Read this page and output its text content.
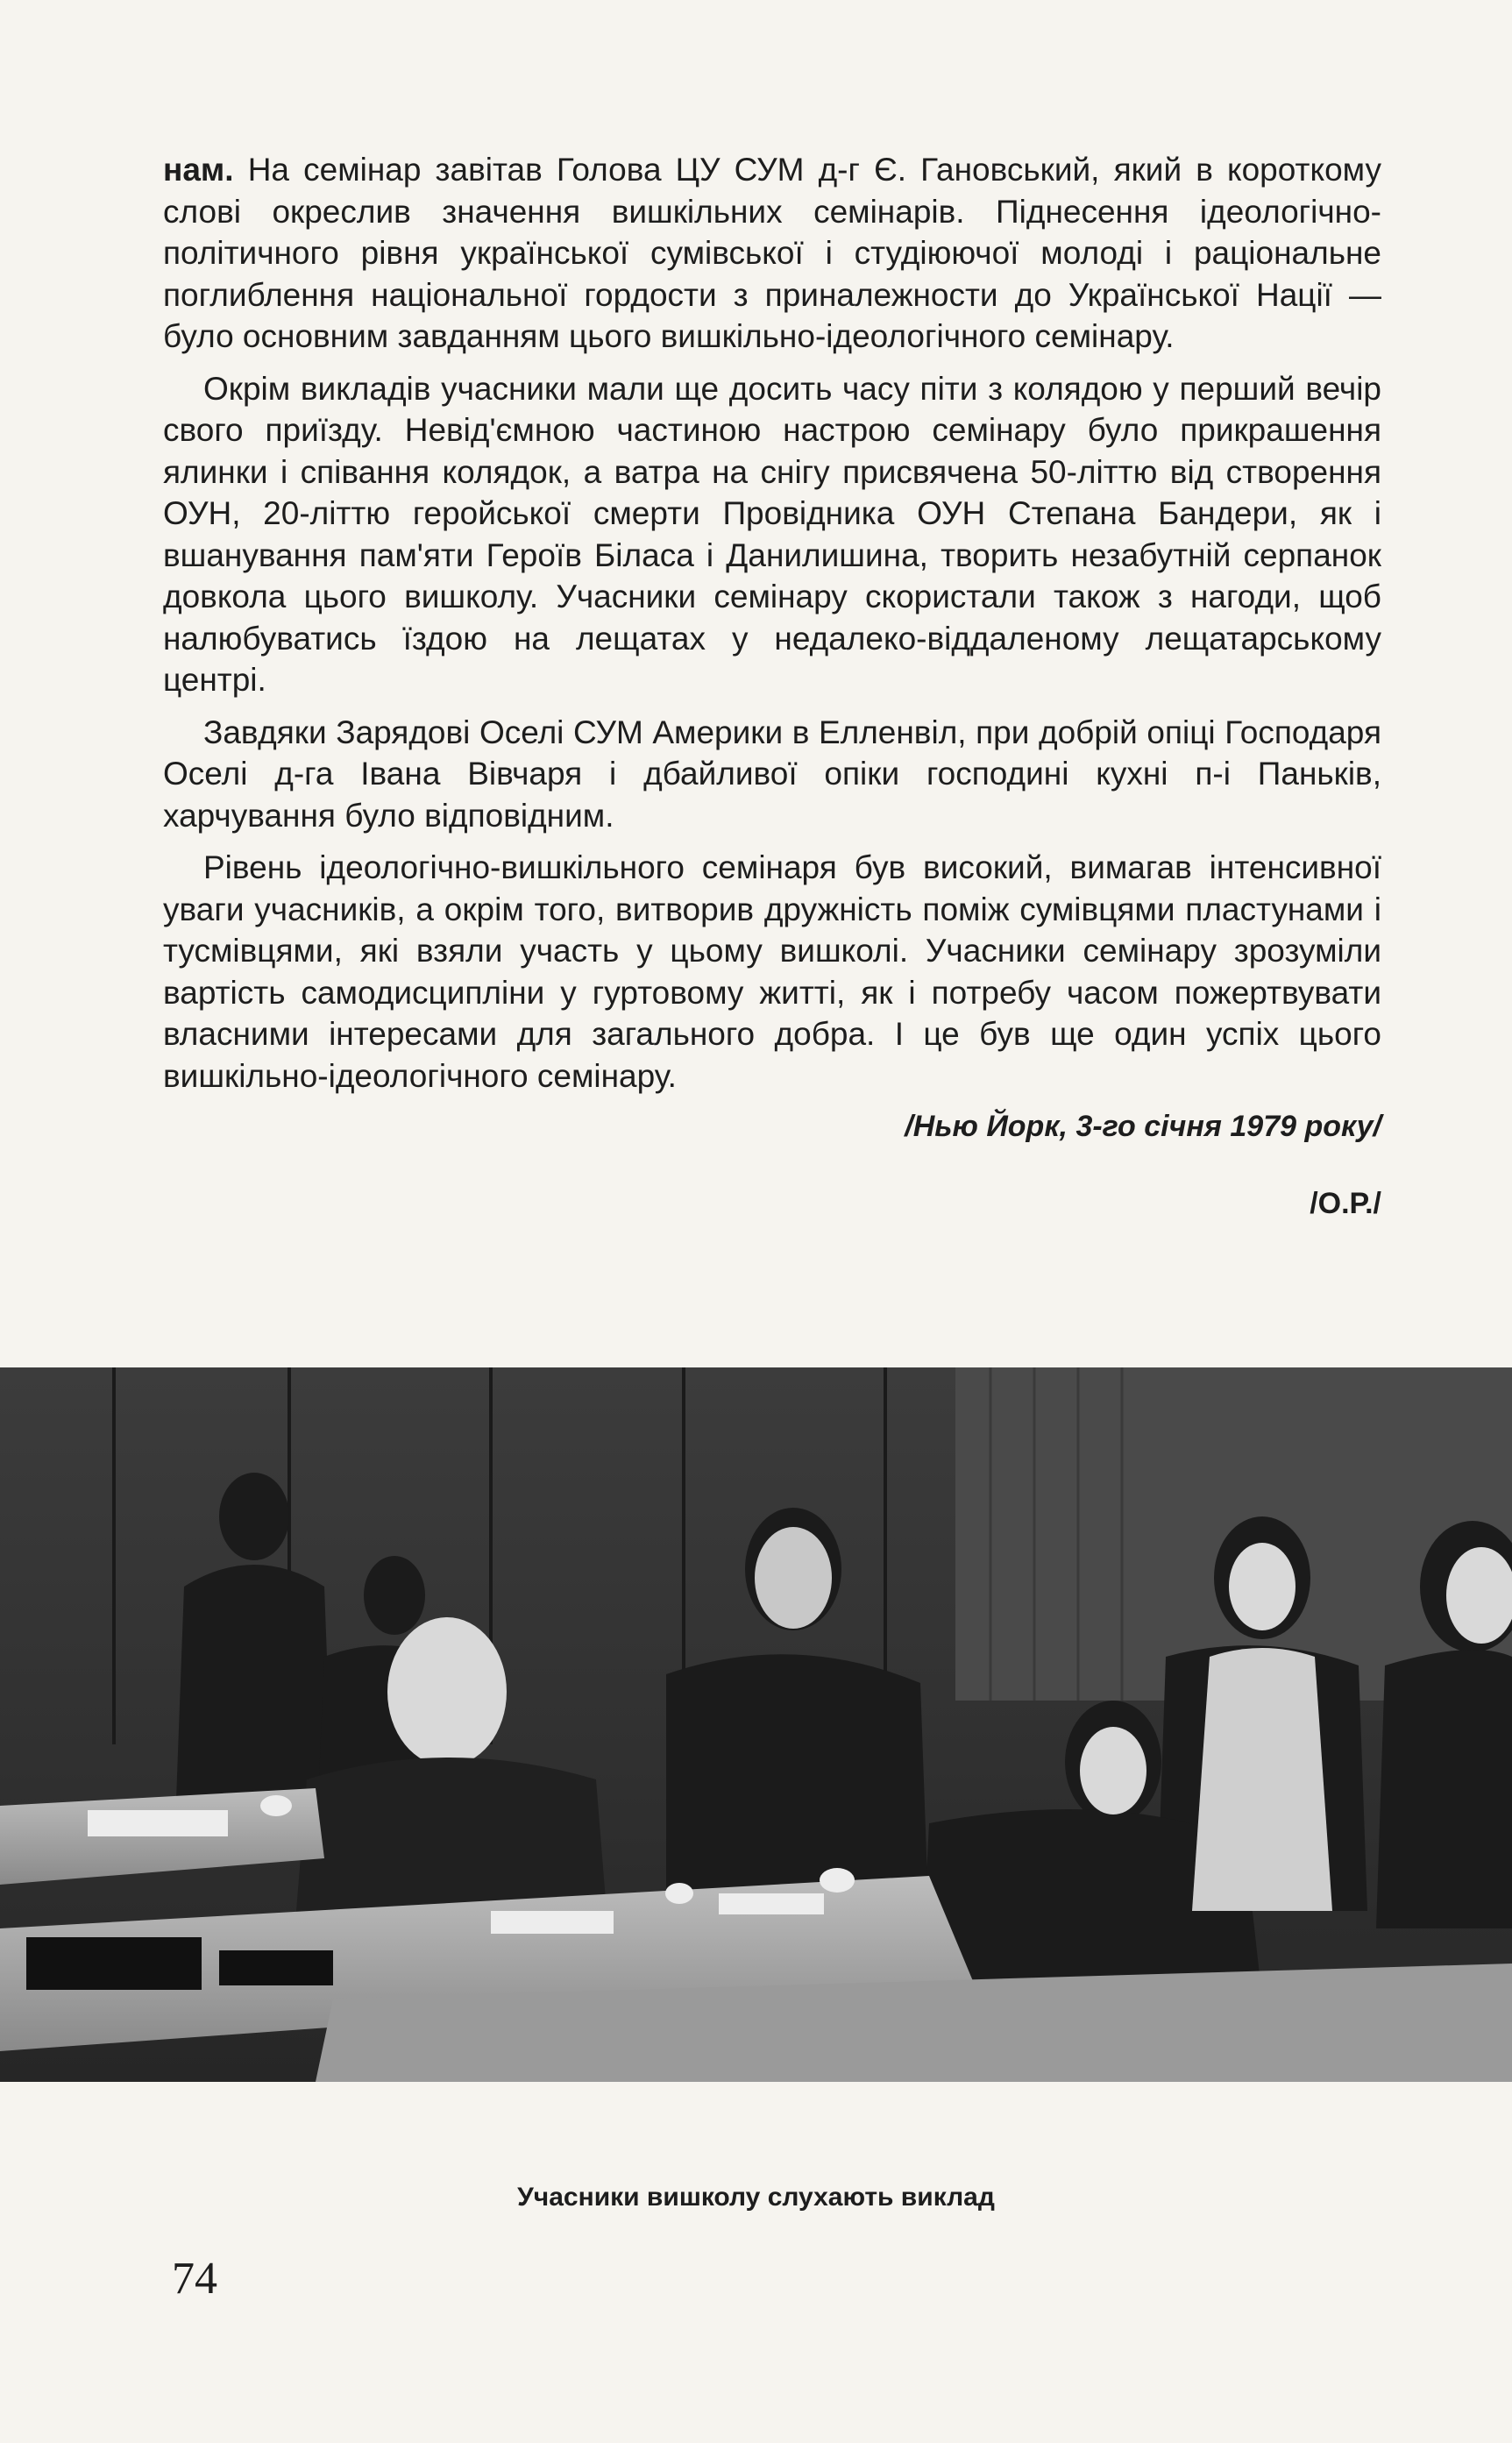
нам. На семінар завітав Голова ЦУ СУМ д-г Є. Гановський, який в короткому слові окреслив значення вишкільних семінарів. Піднесення ідеологічно-політичного рівня української сумівської і студіюючої молоді і раціональне поглиблення національної гордости з приналежности до Української Нації — було основним завданням цього вишкільно-ідеологічного семінару.

Окрім викладів учасники мали ще досить часу піти з колядою у перший вечір свого приїзду. Невід'ємною частиною настрою семінару було прикрашення ялинки і співання колядок, а ватра на снігу присвячена 50-літтю від створення ОУН, 20-літтю геройської смерти Провідника ОУН Степана Бандери, як і вшанування пам'яти Героїв Біласа і Данилишина, творить незабутній серпанок довкола цього вишколу. Учасники семінару скористали також з нагоди, щоб налюбуватись їздою на лещатах у недалеко-віддаленому лещатарському центрі.

Завдяки Зарядові Оселі СУМ Америки в Елленвіл, при добрій опіці Господаря Оселі д-га Івана Вівчаря і дбайливої опіки господині кухні п-і Паньків, харчування було відповідним.

Рівень ідеологічно-вишкільного семінаря був високий, вимагав інтенсивної уваги учасників, а окрім того, витворив дружність поміж сумівцями пластунами і тусмівцями, які взяли участь у цьому вишколі. Учасники семінару зрозуміли вартість самодисципліни у гуртовому житті, як і потребу часом пожертвувати власними інтересами для загального добра. І це був ще один успіх цього вишкільно-ідеологічного семінару.

/Нью Йорк, 3-го січня 1979 року/

/О.Р./

Учасники вишколу слухають виклад
74
